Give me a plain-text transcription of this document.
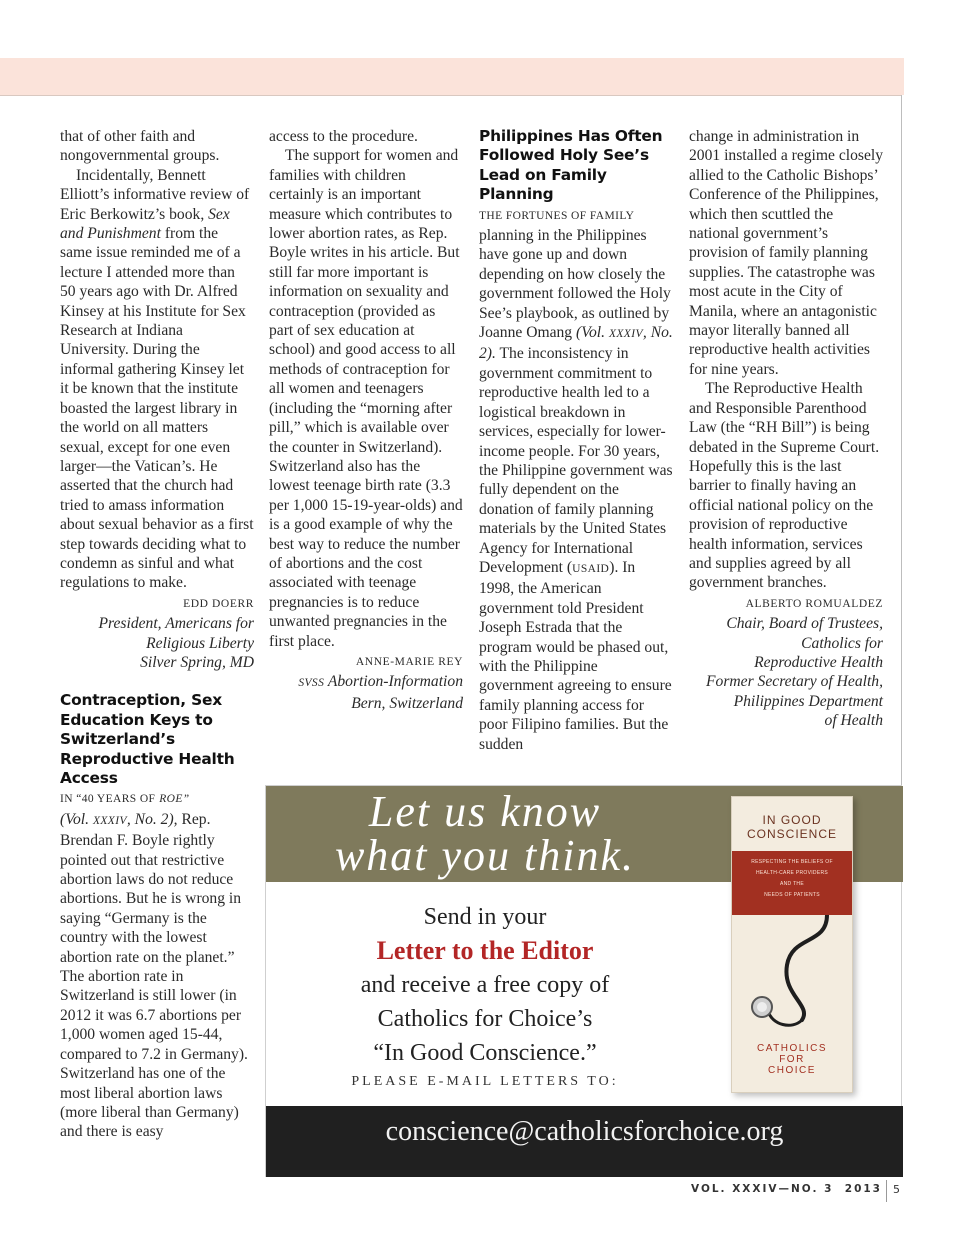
that of other faith and nongovernmental groups.

Incidentally, Bennett Elliott’s informative review of Eric Berkowitz’s book, Sex and Punishment from the same issue reminded me of a lecture I attended more than 50 years ago with Dr. Alfred Kinsey at his Institute for Sex Research at Indiana University. During the informal gathering Kinsey let it be known that the institute boasted the largest library in the world on all matters sexual, except for one even larger—the Vatican’s. He asserted that the church had tried to amass information about sexual behavior as a first step towards deciding what to condemn as sinful and what regulations to make.

EDD DOERR
President, Americans for
Religious Liberty
Silver Spring, MD
Contraception, Sex Education Keys to Switzerland’s Reproductive Health Access

IN “40 YEARS OF ROE”
(Vol. XXXIV, No. 2), Rep. Brendan F. Boyle rightly pointed out that restrictive abortion laws do not reduce abortions. But he is wrong in saying “Germany is the country with the lowest abortion rate on the planet.” The abortion rate in Switzerland is still lower (in 2012 it was 6.7 abortions per 1,000 women aged 15-44, compared to 7.2 in Germany). Switzerland has one of the most liberal abortion laws (more liberal than Germany) and there is easy

access to the procedure.

The support for women and families with children certainly is an important measure which contributes to lower abortion rates, as Rep. Boyle writes in his article. But still far more important is information on sexuality and contraception (provided as part of sex education at school) and good access to all methods of contraception for all women and teenagers (including the “morning after pill,” which is available over the counter in Switzerland). Switzerland also has the lowest teenage birth rate (3.3 per 1,000 15-19-year-olds) and is a good example of why the best way to reduce the number of abortions and the cost associated with teenage pregnancies is to reduce unwanted pregnancies in the first place.

ANNE-MARIE REY
SVSS Abortion-Information
Bern, Switzerland
Philippines Has Often Followed Holy See’s Lead on Family Planning

THE FORTUNES OF FAMILY
planning in the Philippines have gone up and down depending on how closely the government followed the Holy See’s playbook, as outlined by Joanne Omang (Vol. XXXIV, No. 2). The inconsistency in government commitment to reproductive health led to a logistical breakdown in services, especially for lower-income people. For 30 years, the Philippine government was fully dependent on the donation of family planning materials by the United States Agency for International Development (USAID). In 1998, the American government told President Joseph Estrada that the program would be phased out, with the Philippine government agreeing to ensure family planning access for poor Filipino families. But the sudden

change in administration in 2001 installed a regime closely allied to the Catholic Bishops’ Conference of the Philippines, which then scuttled the national government’s provision of family planning supplies. The catastrophe was most acute in the City of Manila, where an antagonistic mayor literally banned all reproductive health activities for nine years.

The Reproductive Health and Responsible Parenthood Law (the “RH Bill”) is being debated in the Supreme Court. Hopefully this is the last barrier to finally having an official national policy on the provision of reproductive health information, services and supplies agreed by all government branches.

ALBERTO ROMUALDEZ
Chair, Board of Trustees,
Catholics for
Reproductive Health
Former Secretary of Health,
Philippines Department
of Health
Let us know
what you think.
Send in your
Letter to the Editor
and receive a free copy of
Catholics for Choice’s
“In Good Conscience.”
PLEASE E-MAIL LETTERS TO:
IN GOOD
CONSCIENCE
RESPECTING THE BELIEFS OF
HEALTH-CARE PROVIDERS
AND THE
NEEDS OF PATIENTS
CATHOLICS
FOR
CHOICE
conscience@catholicsforchoice.org
VOL. XXXIV—NO. 3  2013 5
